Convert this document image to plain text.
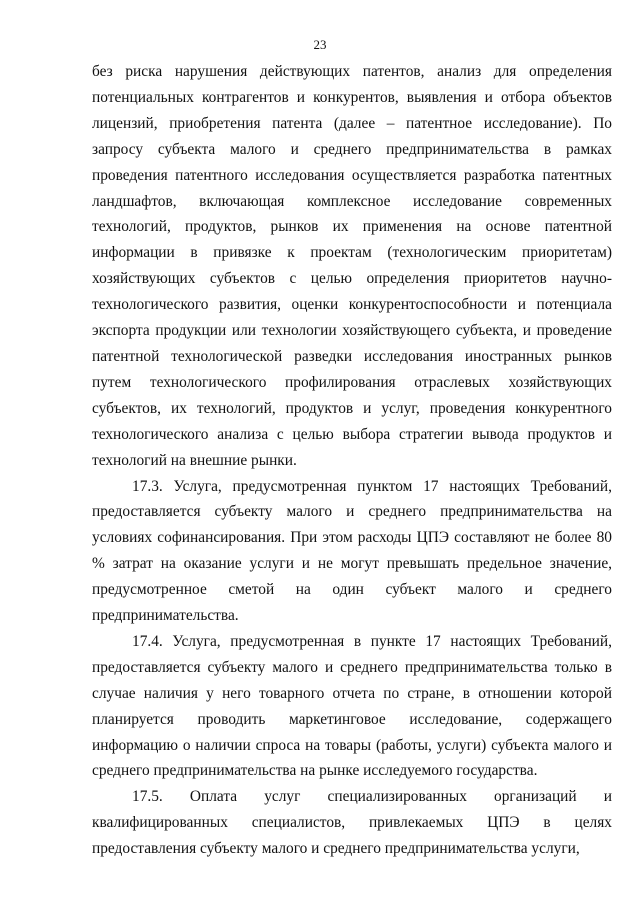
23

без риска нарушения действующих патентов, анализ для определения потенциальных контрагентов и конкурентов, выявления и отбора объектов лицензий, приобретения патента (далее – патентное исследование). По запросу субъекта малого и среднего предпринимательства в рамках проведения патентного исследования осуществляется разработка патентных ландшафтов, включающая комплексное исследование современных технологий, продуктов, рынков их применения на основе патентной информации в привязке к проектам (технологическим приоритетам) хозяйствующих субъектов с целью определения приоритетов научно-технологического развития, оценки конкурентоспособности и потенциала экспорта продукции или технологии хозяйствующего субъекта, и проведение патентной технологической разведки исследования иностранных рынков путем технологического профилирования отраслевых хозяйствующих субъектов, их технологий, продуктов и услуг, проведения конкурентного технологического анализа с целью выбора стратегии вывода продуктов и технологий на внешние рынки.

17.3. Услуга, предусмотренная пунктом 17 настоящих Требований, предоставляется субъекту малого и среднего предпринимательства на условиях софинансирования. При этом расходы ЦПЭ составляют не более 80 % затрат на оказание услуги и не могут превышать предельное значение, предусмотренное сметой на один субъект малого и среднего предпринимательства.

17.4. Услуга, предусмотренная в пункте 17 настоящих Требований, предоставляется субъекту малого и среднего предпринимательства только в случае наличия у него товарного отчета по стране, в отношении которой планируется проводить маркетинговое исследование, содержащего информацию о наличии спроса на товары (работы, услуги) субъекта малого и среднего предпринимательства на рынке исследуемого государства.

17.5. Оплата услуг специализированных организаций и квалифицированных специалистов, привлекаемых ЦПЭ в целях предоставления субъекту малого и среднего предпринимательства услуги,
